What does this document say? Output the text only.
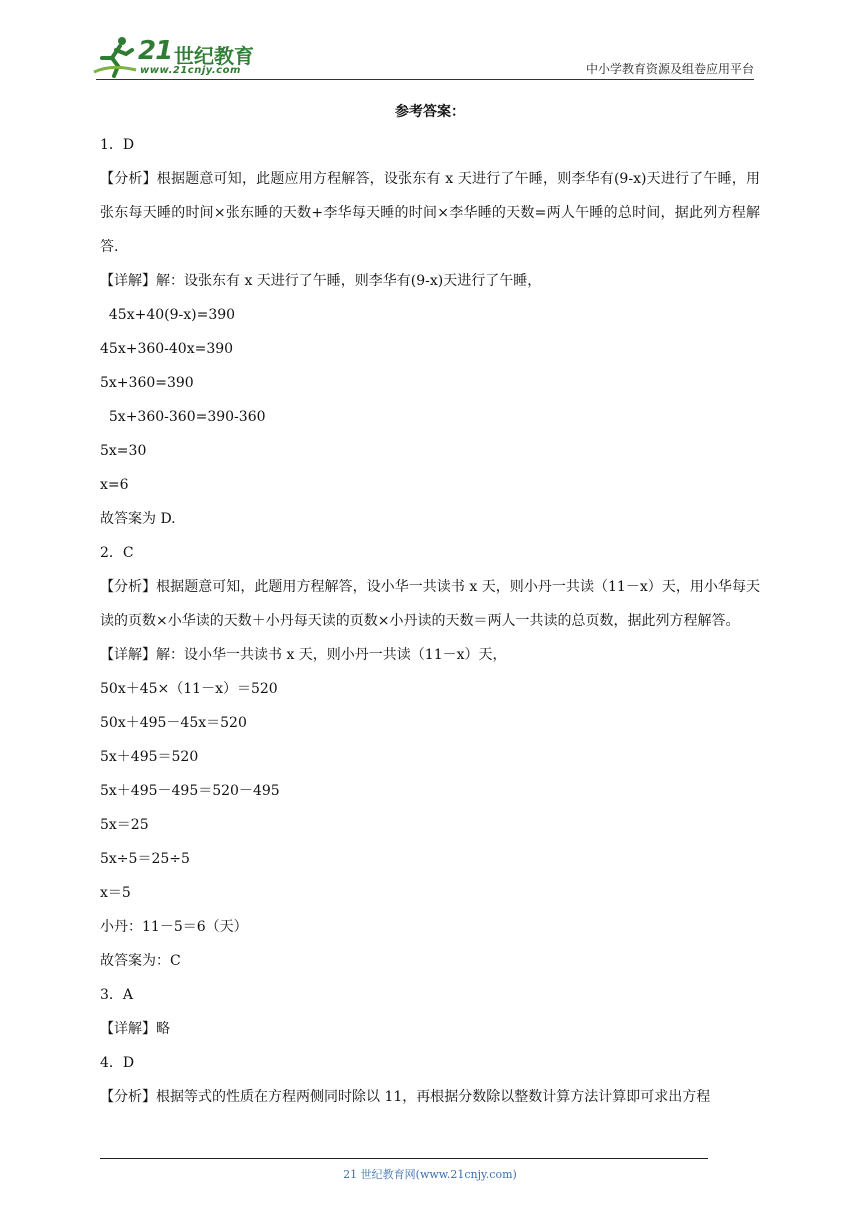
21 世纪教育
www.21cnjy.com	中小学教育资源及组卷应用平台
参考答案：
1．D
【分析】根据题意可知，此题应用方程解答，设张东有 x 天进行了午睡，则李华有(9-x)天进行了午睡，用张东每天睡的时间×张东睡的天数+李华每天睡的时间×李华睡的天数=两人午睡的总时间，据此列方程解答.
【详解】解：设张东有 x 天进行了午睡，则李华有(9-x)天进行了午睡，
45x+40(9-x)=390
45x+360-40x=390
5x+360=390
5x+360-360=390-360
5x=30
x=6
故答案为 D.
2．C
【分析】根据题意可知，此题用方程解答，设小华一共读书 x 天，则小丹一共读（11－x）天，用小华每天读的页数×小华读的天数＋小丹每天读的页数×小丹读的天数＝两人一共读的总页数，据此列方程解答。
【详解】解：设小华一共读书 x 天，则小丹一共读（11－x）天，
50x＋45×（11－x）＝520
50x＋495－45x＝520
5x＋495＝520
5x＋495－495＝520－495
5x＝25
5x÷5＝25÷5
x＝5
小丹：11－5＝6（天）
故答案为：C
3．A
【详解】略
4．D
【分析】根据等式的性质在方程两侧同时除以 11，再根据分数除以整数计算方法计算即可求出方程
21 世纪教育网(www.21cnjy.com)
